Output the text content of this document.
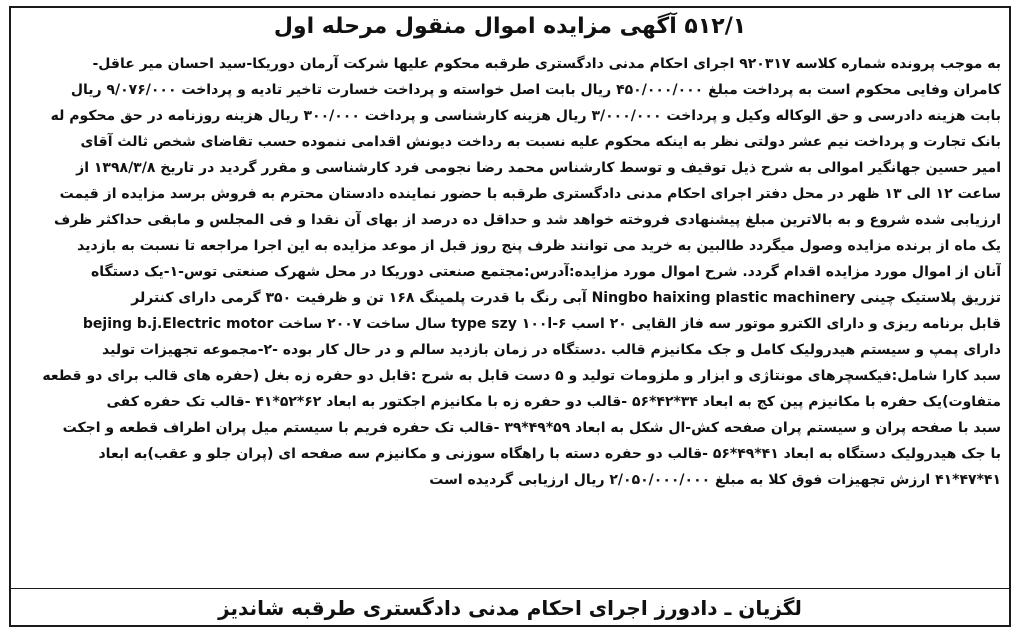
۵۱۲/۱ آگهی مزایده اموال منقول مرحله اول
به موجب پرونده شماره کلاسه ۹۲۰۳۱۷ اجرای احکام مدنی دادگستری طرقبه محکوم علیها شرکت آرمان دوریکا-سید احسان میر عاقل-
کامران وفایی محکوم است به پرداخت مبلغ ۴۵۰/۰۰۰/۰۰۰ ریال بابت اصل خواسته و پرداخت خسارت تاخیر تادیه و پرداخت ۹/۰۷۶/۰۰۰ ریال
بابت هزینه دادرسی و حق الوکاله وکیل و پرداخت ۳/۰۰۰/۰۰۰ ریال هزینه کارشناسی و پرداخت ۳۰۰/۰۰۰ ریال هزینه روزنامه در حق محکوم له
بانک تجارت و پرداخت نیم عشر دولتی نظر به اینکه محکوم علیه نسبت به رداخت دیونش اقدامی ننموده حسب تقاضای شخص ثالث آقای
امیر حسین جهانگیر اموالی به شرح ذیل توقیف و توسط کارشناس محمد رضا نجومی فرد کارشناسی و مقرر گردید در تاریخ ۱۳۹۸/۳/۸ از
ساعت ۱۲ الی ۱۳ ظهر در محل دفتر اجرای احکام مدنی دادگستری طرقبه با حضور نماینده دادستان محترم به فروش برسد مزایده از قیمت
ارزیابی شده شروع و به بالاترین مبلغ پیشنهادی فروخته خواهد شد و حداقل ده درصد از بهای آن نقدا و فی المجلس و مابقی حداکثر ظرف
یک ماه از برنده مزایده وصول میگردد طالبین به خرید می توانند ظرف پنج روز قبل از موعد مزایده به این اجرا مراجعه تا نسبت به بازدید
آنان از اموال مورد مزایده اقدام گردد. شرح اموال مورد مزایده:آدرس:مجتمع صنعتی دوریکا در محل شهرک صنعتی توس-۱-یک دستگاه
تزریق پلاستیک چینی Ningbo haixing plastic machinery آبی رنگ با قدرت پلمینگ ۱۶۸ تن و ظرفیت ۳۵۰ گرمی دارای کنترلر
قابل برنامه ریزی و دارای الکترو موتور سه فاز القایی ۲۰ اسب ۶-type szy ۱۰۰l سال ساخت ۲۰۰۷ ساخت bejing b.j.Electric motor
دارای پمپ و سیستم هیدرولیک کامل و جک مکانیزم قالب .دستگاه در زمان بازدید سالم و در حال کار بوده -۲-مجموعه تجهیزات تولید
سبد کارا شامل:فیکسچرهای مونتاژی و ابزار و ملزومات تولید و ۵ دست قابل به شرح :قابل دو حفره زه بغل (حفره های قالب برای دو قطعه
متفاوت)یک حفره با مکانیزم پین کج به ابعاد ۳۴*۴۲*۵۶ -قالب دو حفره زه با مکانیزم اجکتور به ابعاد ۶۲*۵۲*۴۱ -قالب تک حفره کفی
سبد با صفحه پران و سیستم پران صفحه کش-ال شکل به ابعاد ۵۹*۴۹*۳۹ -قالب تک حفره فریم با سیستم میل پران اطراف قطعه و اجکت
با جک هیدرولیک دستگاه به ابعاد ۴۱*۴۹*۵۶ -قالب دو حفره دسته با راهگاه سوزنی و مکانیزم سه صفحه ای (پران جلو و عقب)به ابعاد
۴۱*۴۷*۴۱ ارزش تجهیزات فوق کلا به مبلغ ۲/۰۵۰/۰۰۰/۰۰۰ ریال ارزیابی گردیده است
لگزیان ـ دادورز اجرای احکام مدنی دادگستری طرقبه شاندیز
